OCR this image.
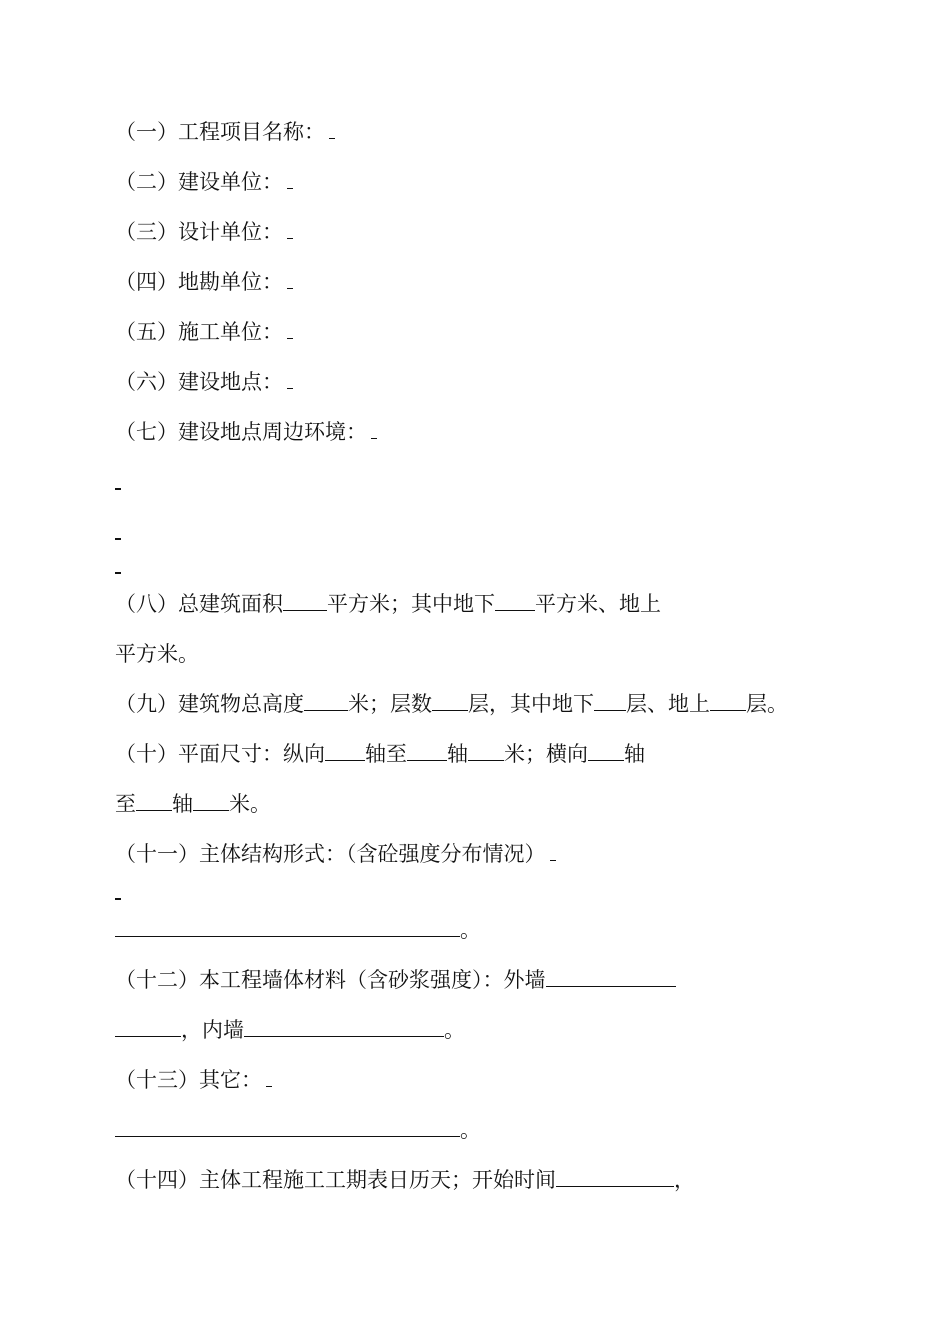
（一）工程项目名称：
（二）建设单位：
（三）设计单位：
（四）地勘单位：
（五）施工单位：
（六）建设地点：
（七）建设地点周边环境：
（八）总建筑面积 平方米；其中地下 平方米、地上
平方米。
（九）建筑物总高度 米；层数 层，其中地下 层、地上 层。
（十）平面尺寸：纵向 轴至 轴 米；横向 轴
至 轴 米。
（十一）主体结构形式：（含砼强度分布情况）
。
（十二）本工程墙体材料（含砂浆强度）：外墙
，内墙	。
（十三）其它：
。
（十四）主体工程施工工期表日历天；开始时间	，
